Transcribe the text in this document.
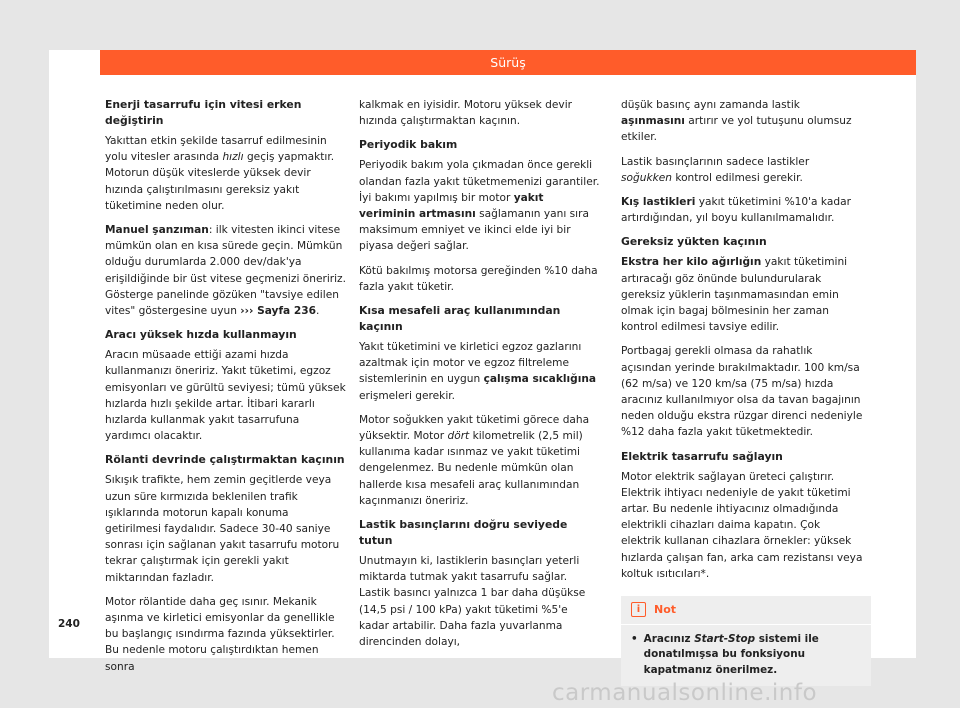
Sürüş
Enerji tasarrufu için vitesi erken değiştirin

Yakıttan etkin şekilde tasarruf edilmesinin yolu vitesler arasında hızlı geçiş yapmaktır. Motorun düşük viteslerde yüksek devir hızında çalıştırılmasını gereksiz yakıt tüketimine neden olur.

Manuel şanzıman: ilk vitesten ikinci vitese mümkün olan en kısa sürede geçin. Mümkün olduğu durumlarda 2.000 dev/dak'ya erişildiğinde bir üst vitese geçmenizi öneririz. Gösterge panelinde gözüken "tavsiye edilen vites" göstergesine uyun ››› Sayfa 236.

Aracı yüksek hızda kullanmayın

Aracın müsaade ettiği azami hızda kullanmanızı öneririz. Yakıt tüketimi, egzoz emisyonları ve gürültü seviyesi; tümü yüksek hızlarda hızlı şekilde artar. İtibari kararlı hızlarda kullanmak yakıt tasarrufuna yardımcı olacaktır.

Rölanti devrinde çalıştırmaktan kaçının

Sıkışık trafikte, hem zemin geçitlerde veya uzun süre kırmızıda beklenilen trafik ışıklarında motorun kapalı konuma getirilmesi faydalıdır. Sadece 30-40 saniye sonrası için sağlanan yakıt tasarrufu motoru tekrar çalıştırmak için gerekli yakıt miktarından fazladır.

Motor rölantide daha geç ısınır. Mekanik aşınma ve kirletici emisyonlar da genellikle bu başlangıç ısındırma fazında yüksektirler. Bu nedenle motoru çalıştırdıktan hemen sonra

kalkmak en iyisidir. Motoru yüksek devir hızında çalıştırmaktan kaçının.

Periyodik bakım

Periyodik bakım yola çıkmadan önce gerekli olandan fazla yakıt tüketmemenizi garantiler. İyi bakımı yapılmış bir motor yakıt veriminin artmasını sağlamanın yanı sıra maksimum emniyet ve ikinci elde iyi bir piyasa değeri sağlar.

Kötü bakılmış motorsa gereğinden %10 daha fazla yakıt tüketir.

Kısa mesafeli araç kullanımından kaçının

Yakıt tüketimini ve kirletici egzoz gazlarını azaltmak için motor ve egzoz filtreleme sistemlerinin en uygun çalışma sıcaklığına erişmeleri gerekir.

Motor soğukken yakıt tüketimi görece daha yüksektir. Motor dört kilometrelik (2,5 mil) kullanıma kadar ısınmaz ve yakıt tüketimi dengelenmez. Bu nedenle mümkün olan hallerde kısa mesafeli araç kullanımından kaçınmanızı öneririz.

Lastik basınçlarını doğru seviyede tutun

Unutmayın ki, lastiklerin basınçları yeterli miktarda tutmak yakıt tasarrufu sağlar. Lastik basıncı yalnızca 1 bar daha düşükse (14,5 psi / 100 kPa) yakıt tüketimi %5'e kadar artabilir. Daha fazla yuvarlanma direncinden dolayı,

düşük basınç aynı zamanda lastik aşınmasını artırır ve yol tutuşunu olumsuz etkiler.

Lastik basınçlarının sadece lastikler soğukken kontrol edilmesi gerekir.

Kış lastikleri yakıt tüketimini %10'a kadar artırdığından, yıl boyu kullanılmamalıdır.

Gereksiz yükten kaçının

Ekstra her kilo ağırlığın yakıt tüketimini artıracağı göz önünde bulundurularak gereksiz yüklerin taşınmamasından emin olmak için bagaj bölmesinin her zaman kontrol edilmesi tavsiye edilir.

Portbagaj gerekli olmasa da rahatlık açısından yerinde bırakılmaktadır. 100 km/sa (62 m/sa) ve 120 km/sa (75 m/sa) hızda aracınız kullanılmıyor olsa da tavan bagajının neden olduğu ekstra rüzgar direnci nedeniyle %12 daha fazla yakıt tüketmektedir.

Elektrik tasarrufu sağlayın

Motor elektrik sağlayan üreteci çalıştırır. Elektrik ihtiyacı nedeniyle de yakıt tüketimi artar. Bu nedenle ihtiyacınız olmadığında elektrikli cihazları daima kapatın. Çok elektrik kullanan cihazlara örnekler: yüksek hızlarda çalışan fan, arka cam rezistansı veya koltuk ısıtıcıları*.

i	Not
• Aracınız Start-Stop sistemi ile donatılmışsa bu fonksiyonu kapatmanız önerilmez.
240
carmanualsonline.info
